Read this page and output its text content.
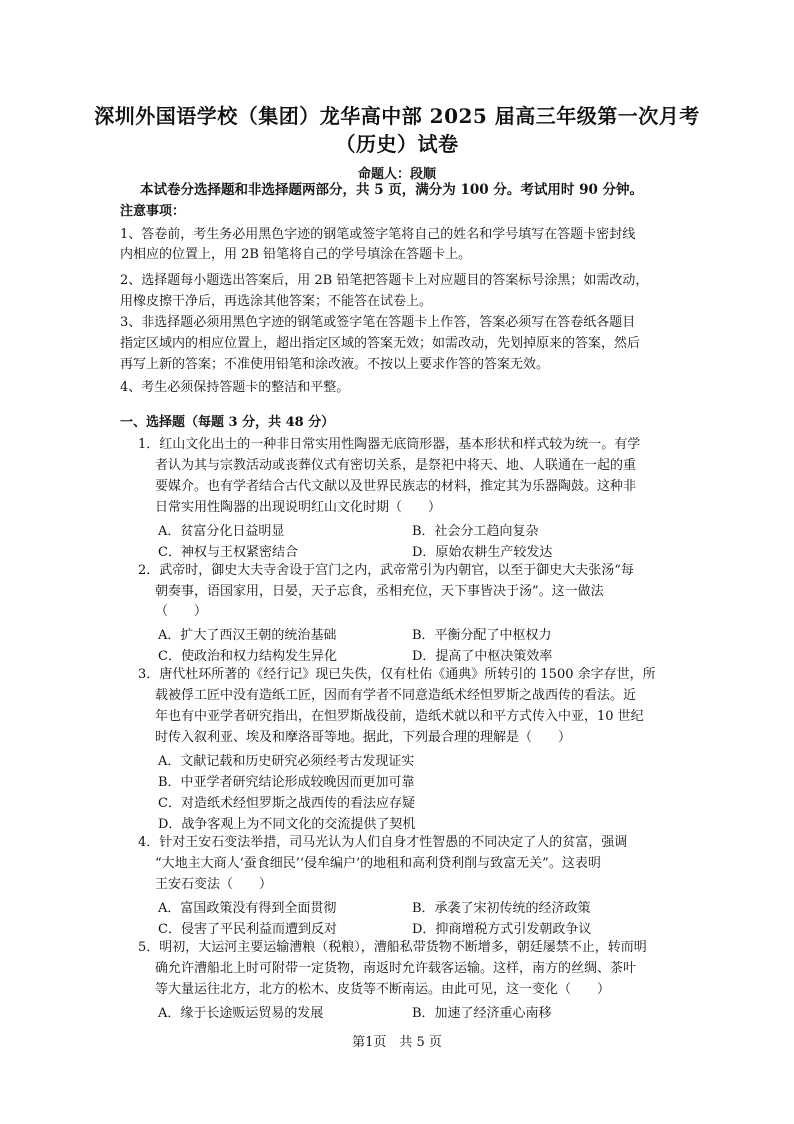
深圳外国语学校（集团）龙华高中部 2025 届高三年级第一次月考
（历史）试卷
命题人：段顺
本试卷分选择题和非选择题两部分，共 5 页，满分为 100 分。考试用时 90 分钟。
注意事项：
1、答卷前，考生务必用黑色字迹的钢笔或签字笔将自己的姓名和学号填写在答题卡密封线
内相应的位置上，用 2B 铅笔将自己的学号填涂在答题卡上。
2、选择题每小题选出答案后，用 2B 铅笔把答题卡上对应题目的答案标号涂黑；如需改动，
用橡皮擦干净后，再选涂其他答案；不能答在试卷上。
3、非选择题必须用黑色字迹的钢笔或签字笔在答题卡上作答，答案必须写在答卷纸各题目
指定区域内的相应位置上，超出指定区域的答案无效；如需改动，先划掉原来的答案，然后
再写上新的答案；不准使用铅笔和涂改液。不按以上要求作答的答案无效。
4、考生必须保持答题卡的整洁和平整。
一、选择题（每题 3 分，共 48 分）
1．红山文化出土的一种非日常实用性陶器无底筒形器，基本形状和样式较为统一。有学
者认为其与宗教活动或丧葬仪式有密切关系，是祭祀中将天、地、人联通在一起的重
要媒介。也有学者结合古代文献以及世界民族志的材料，推定其为乐器陶鼓。这种非
日常实用性陶器的出现说明红山文化时期（　　）
A．贫富分化日益明显	B．社会分工趋向复杂
C．神权与王权紧密结合	D．原始农耕生产较发达
2．武帝时，御史大夫寺舍设于宫门之内，武帝常引为内朝官，以至于御史大夫张汤“每
朝奏事，语国家用，日晏，天子忘食，丞相充位，天下事皆决于汤”。这一做法
（　　）
A．扩大了西汉王朝的统治基础	B．平衡分配了中枢权力
C．使政治和权力结构发生异化	D．提高了中枢决策效率
3．唐代杜环所著的《经行记》现已失佚，仅有杜佑《通典》所转引的 1500 余字存世，所
载被俘工匠中没有造纸工匠，因而有学者不同意造纸术经怛罗斯之战西传的看法。近
年也有中亚学者研究指出，在怛罗斯战役前，造纸术就以和平方式传入中亚，10 世纪
时传入叙利亚、埃及和摩洛哥等地。据此，下列最合理的理解是（　　）
A．文献记载和历史研究必须经考古发现证实
B．中亚学者研究结论形成较晚因而更加可靠
C．对造纸术经怛罗斯之战西传的看法应存疑
D．战争客观上为不同文化的交流提供了契机
4．针对王安石变法举措，司马光认为人们自身才性智愚的不同决定了人的贫富，强调
“大地主大商人‘蚕食细民’‘侵牟编户’的地租和高利贷利削与致富无关”。这表明
王安石变法（　　）
A．富国政策没有得到全面贯彻	B．承袭了宋初传统的经济政策
C．侵害了平民利益而遭到反对	D．抑商增税方式引发朝政争议
5．明初，大运河主要运输漕粮（税粮），漕船私带货物不断增多，朝廷屡禁不止，转而明
确允许漕船北上时可附带一定货物，南返时允许载客运输。这样，南方的丝绸、茶叶
等大量运往北方，北方的松木、皮货等不断南运。由此可见，这一变化（　　）
A．缘于长途贩运贸易的发展	B．加速了经济重心南移
第1页　共 5 页
